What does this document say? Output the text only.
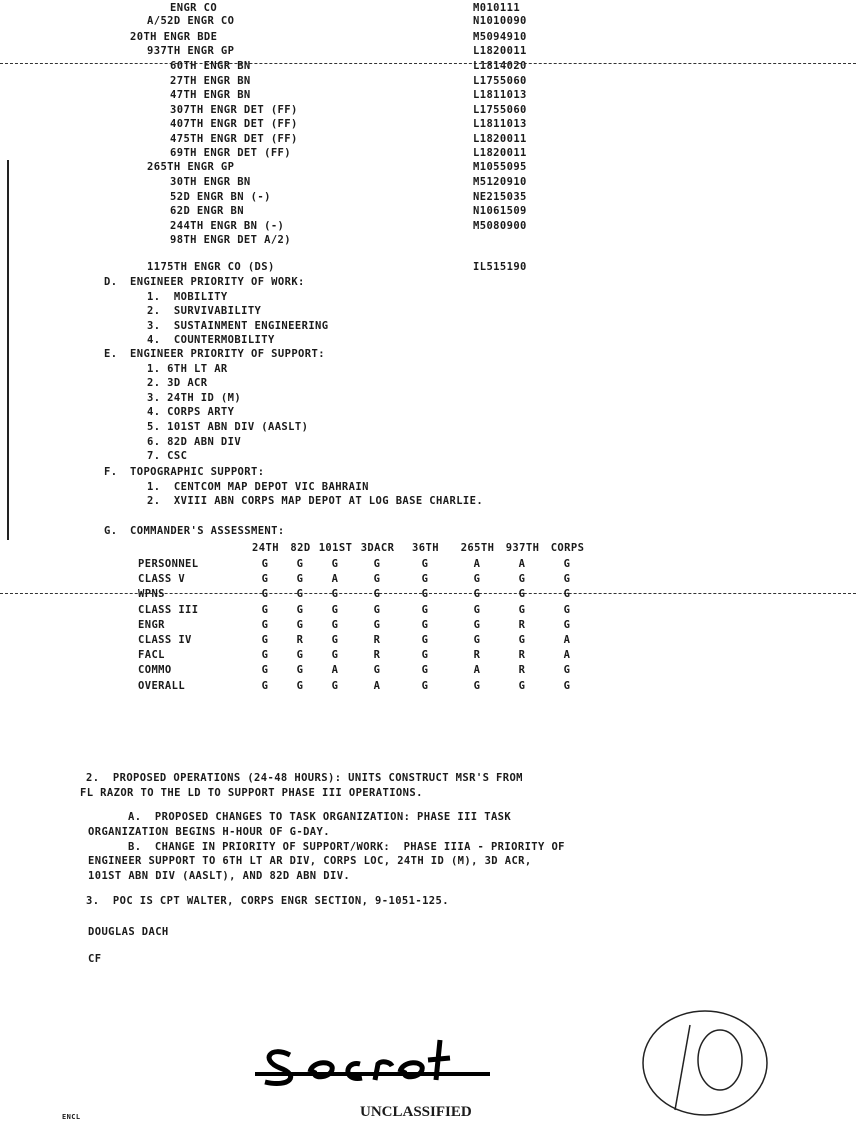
ENGR CO	M010111
A/52D ENGR CO	N1010090
20TH ENGR BDE	M5094910
937TH ENGR GP	L1820011
60TH ENGR BN	L1814020
27TH ENGR BN	L1755060
47TH ENGR BN	L1811013
307TH ENGR DET (FF)	L1755060
407TH ENGR DET (FF)	L1811013
475TH ENGR DET (FF)	L1820011
69TH ENGR DET (FF)	L1820011
265TH ENGR GP	M1055095
30TH ENGR BN	M5120910
52D ENGR BN (-)	NE215035
62D ENGR BN	N1061509
244TH ENGR BN (-)	M5080900
98TH ENGR DET A/2)
1175TH ENGR CO (DS)	IL515190
D. ENGINEER PRIORITY OF WORK:
1.  MOBILITY
2.  SURVIVABILITY
3.  SUSTAINMENT ENGINEERING
4.  COUNTERMOBILITY
E. ENGINEER PRIORITY OF SUPPORT:
1. 6TH LT AR
2. 3D ACR
3. 24TH ID (M)
4. CORPS ARTY
5. 101ST ABN DIV (AASLT)
6. 82D ABN DIV
7. CSC
F. TOPOGRAPHIC SUPPORT:
1.  CENTCOM MAP DEPOT VIC BAHRAIN
2.  XVIII ABN CORPS MAP DEPOT AT LOG BASE CHARLIE.
G. COMMANDER'S ASSESSMENT:
24TH	82D 101ST 3DACR	36TH	265TH	937TH	CORPS
PERSONNEL	G	G	G	G	G	A	A	G
CLASS V	G	G	A	G	G	G	G	G
WPNS	G	G	G	G	G	G	G	G
CLASS III	G	G	G	G	G	G	G	G
ENGR	G	G	G	G	G	G	R	G
CLASS IV	G	R	G	R	G	G	G	A
FACL	G	G	G	R	G	R	R	A
COMMO	G	G	A	G	G	A	R	G
OVERALL	G	G	G	A	G	G	G	G
2.  PROPOSED OPERATIONS (24-48 HOURS): UNITS CONSTRUCT MSR'S FROM
FL RAZOR TO THE LD TO SUPPORT PHASE III OPERATIONS.
A.  PROPOSED CHANGES TO TASK ORGANIZATION: PHASE III TASK
ORGANIZATION BEGINS H-HOUR OF G-DAY.
B.  CHANGE IN PRIORITY OF SUPPORT/WORK:  PHASE IIIA - PRIORITY OF
ENGINEER SUPPORT TO 6TH LT AR DIV, CORPS LOC, 24TH ID (M), 3D ACR,
101ST ABN DIV (AASLT), AND 82D ABN DIV.
3.  POC IS CPT WALTER, CORPS ENGR SECTION, 9-1051-125.
DOUGLAS DACH
CF
UNCLASSIFIED
ENCL
